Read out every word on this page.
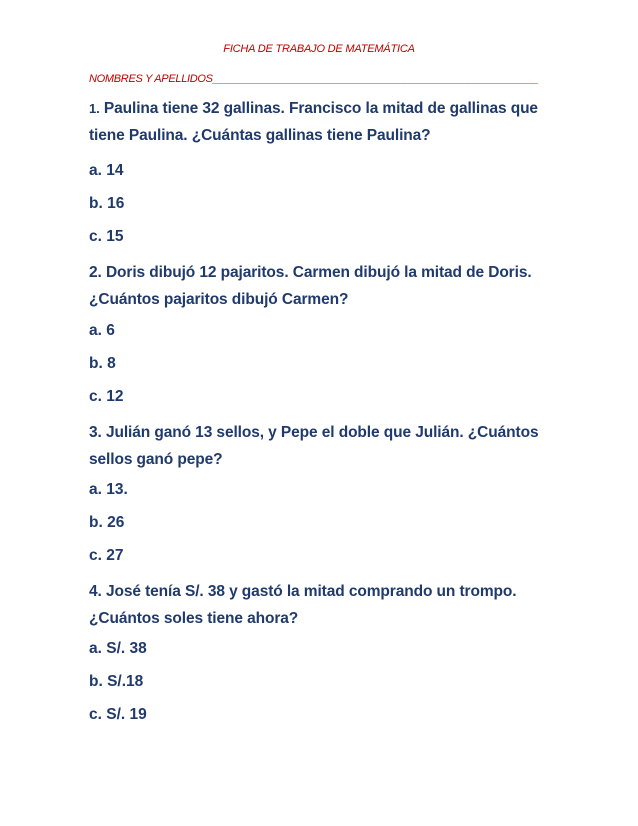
FICHA DE TRABAJO DE MATEMÁTICA
NOMBRES Y APELLIDOS________________________________________________________
1. Paulina tiene 32 gallinas. Francisco la mitad de gallinas que tiene Paulina. ¿Cuántas gallinas tiene Paulina?
a. 14
b. 16
c. 15
2. Doris dibujó 12 pajaritos. Carmen dibujó la mitad de Doris. ¿Cuántos pajaritos dibujó Carmen?
a. 6
b. 8
c. 12
3. Julián ganó 13 sellos, y Pepe el doble que Julián. ¿Cuántos sellos ganó pepe?
a. 13.
b. 26
c. 27
4. José tenía S/. 38 y gastó la mitad comprando un trompo. ¿Cuántos soles tiene ahora?
a. S/. 38
b. S/.18
c. S/. 19
